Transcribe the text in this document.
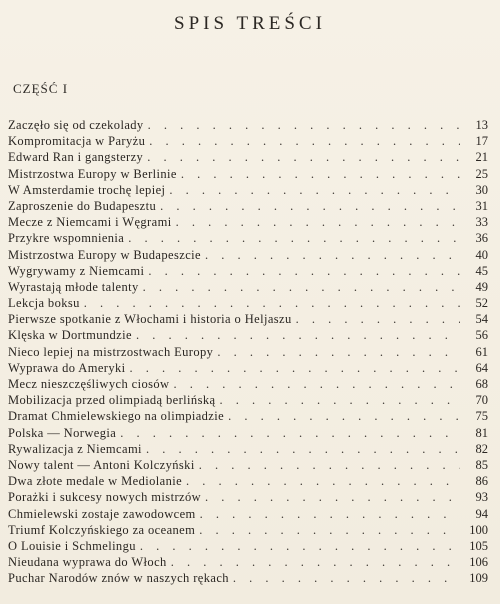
SPIS TREŚCI
CZĘŚĆ I
Zaczęło się od czekolady . . .	13
Kompromitacja w Paryżu . . .	17
Edward Ran i gangsterzy . . .	21
Mistrzostwa Europy w Berlinie . . .	25
W Amsterdamie trochę lepiej . . .	30
Zaproszenie do Budapesztu . . .	31
Mecze z Niemcami i Węgrami . . .	33
Przykre wspomnienia . . .	36
Mistrzostwa Europy w Budapeszcie . . .	40
Wygrywamy z Niemcami . . .	45
Wyrastają młode talenty . . .	49
Lekcja boksu . . .	52
Pierwsze spotkanie z Włochami i historia o Heljaszu . . .	54
Klęska w Dortmundzie . . .	56
Nieco lepiej na mistrzostwach Europy . . .	61
Wyprawa do Ameryki . . .	64
Mecz nieszczęśliwych ciosów . . .	68
Mobilizacja przed olimpiadą berlińską . . .	70
Dramat Chmielewskiego na olimpiadzie . . .	75
Polska — Norwegia . . .	81
Rywalizacja z Niemcami . . .	82
Nowy talent — Antoni Kolczyński . . .	85
Dwa złote medale w Mediolanie . . .	86
Porażki i sukcesy nowych mistrzów . . .	93
Chmielewski zostaje zawodowcem . . .	94
Triumf Kolczyńskiego za oceanem . . .	100
O Louisie i Schmelingu . . .	105
Nieudana wyprawa do Włoch . . .	106
Puchar Narodów znów w naszych rękach . . .	109
